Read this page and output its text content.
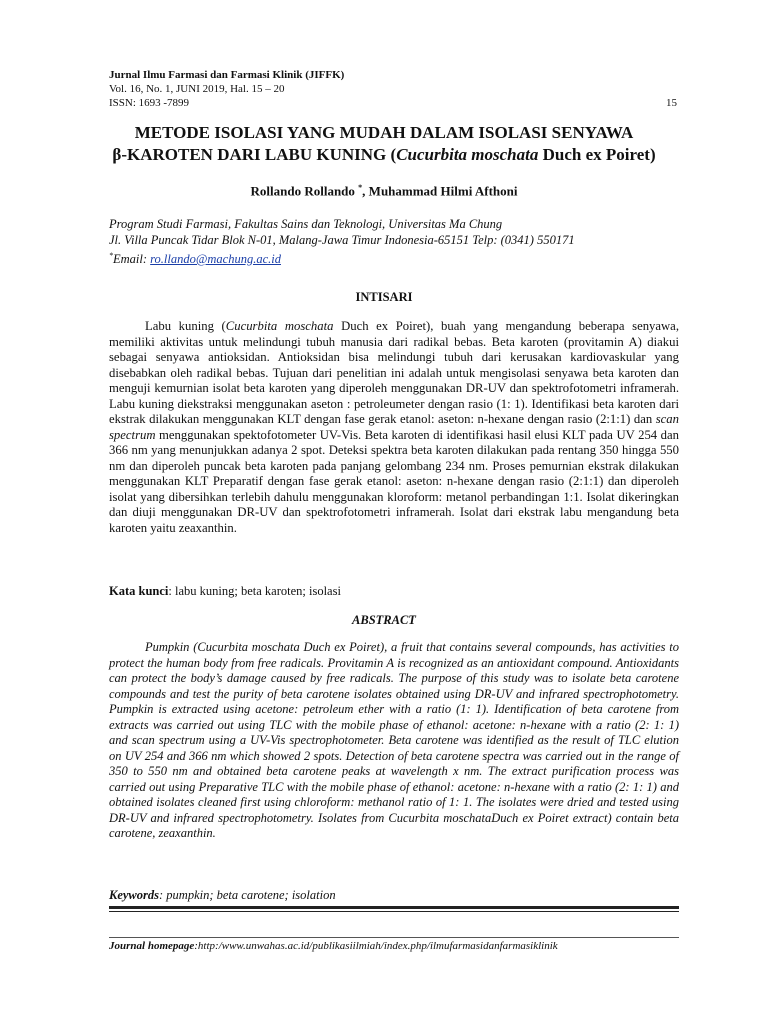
Jurnal Ilmu Farmasi dan Farmasi Klinik (JIFFK)
Vol. 16, No. 1, JUNI 2019, Hal. 15 – 20
ISSN: 1693 -7899	15
METODE ISOLASI YANG MUDAH DALAM ISOLASI SENYAWA
β-KAROTEN DARI LABU KUNING (Cucurbita moschata Duch ex Poiret)
Rollando Rollando *, Muhammad Hilmi Afthoni
Program Studi Farmasi, Fakultas Sains dan Teknologi, Universitas Ma Chung
Jl. Villa Puncak Tidar Blok N-01, Malang-Jawa Timur Indonesia-65151 Telp: (0341) 550171
*Email: ro.llando@machung.ac.id
INTISARI
Labu kuning (Cucurbita moschata Duch ex Poiret), buah yang mengandung beberapa senyawa, memiliki aktivitas untuk melindungi tubuh manusia dari radikal bebas. Beta karoten (provitamin A) diakui sebagai senyawa antioksidan. Antioksidan bisa melindungi tubuh dari kerusakan kardiovaskular yang disebabkan oleh radikal bebas. Tujuan dari penelitian ini adalah untuk mengisolasi senyawa beta karoten dan menguji kemurnian isolat beta karoten yang diperoleh menggunakan DR-UV dan spektrofotometri inframerah. Labu kuning diekstraksi menggunakan aseton : petroleumeter dengan rasio (1: 1). Identifikasi beta karoten dari ekstrak dilakukan menggunakan KLT dengan fase gerak etanol: aseton: n-hexane dengan rasio (2:1:1) dan scan spectrum menggunakan spektofotometer UV-Vis. Beta karoten di identifikasi hasil elusi KLT pada UV 254 dan 366 nm yang menunjukkan adanya 2 spot. Deteksi spektra beta karoten dilakukan pada rentang 350 hingga 550 nm dan diperoleh puncak beta karoten pada panjang gelombang 234 nm. Proses pemurnian ekstrak dilakukan menggunakan KLT Preparatif dengan fase gerak etanol: aseton: n-hexane dengan rasio (2:1:1) dan diperoleh isolat yang dibersihkan terlebih dahulu menggunakan kloroform: metanol perbandingan 1:1. Isolat dikeringkan dan diuji menggunakan DR-UV dan spektrofotometri inframerah. Isolat dari ekstrak labu mengandung beta karoten yaitu zeaxanthin.
Kata kunci: labu kuning; beta karoten; isolasi
ABSTRACT
Pumpkin (Cucurbita moschata Duch ex Poiret), a fruit that contains several compounds, has activities to protect the human body from free radicals. Provitamin A is recognized as an antioxidant compound. Antioxidants can protect the body’s damage caused by free radicals. The purpose of this study was to isolate beta carotene compounds and test the purity of beta carotene isolates obtained using DR-UV and infrared spectrophotometry. Pumpkin is extracted using acetone: petroleum ether with a ratio (1: 1). Identification of beta carotene from extracts was carried out using TLC with the mobile phase of ethanol: acetone: n-hexane with a ratio (2: 1: 1) and scan spectrum using a UV-Vis spectrophotometer. Beta carotene was identified as the result of TLC elution on UV 254 and 366 nm which showed 2 spots. Detection of beta carotene spectra was carried out in the range of 350 to 550 nm and obtained beta carotene peaks at wavelength x nm. The extract purification process was carried out using Preparative TLC with the mobile phase of ethanol: acetone: n-hexane with a ratio (2: 1: 1) and obtained isolates cleaned first using chloroform: methanol ratio of 1: 1. The isolates were dried and tested using DR-UV and infrared spectrophotometry. Isolates from Cucurbita moschataDuch ex Poiret extract) contain beta carotene, zeaxanthin.
Keywords: pumpkin; beta carotene; isolation
Journal homepage:http:/www.unwahas.ac.id/publikasiilmiah/index.php/ilmufarmasidanfarmasiklinik
